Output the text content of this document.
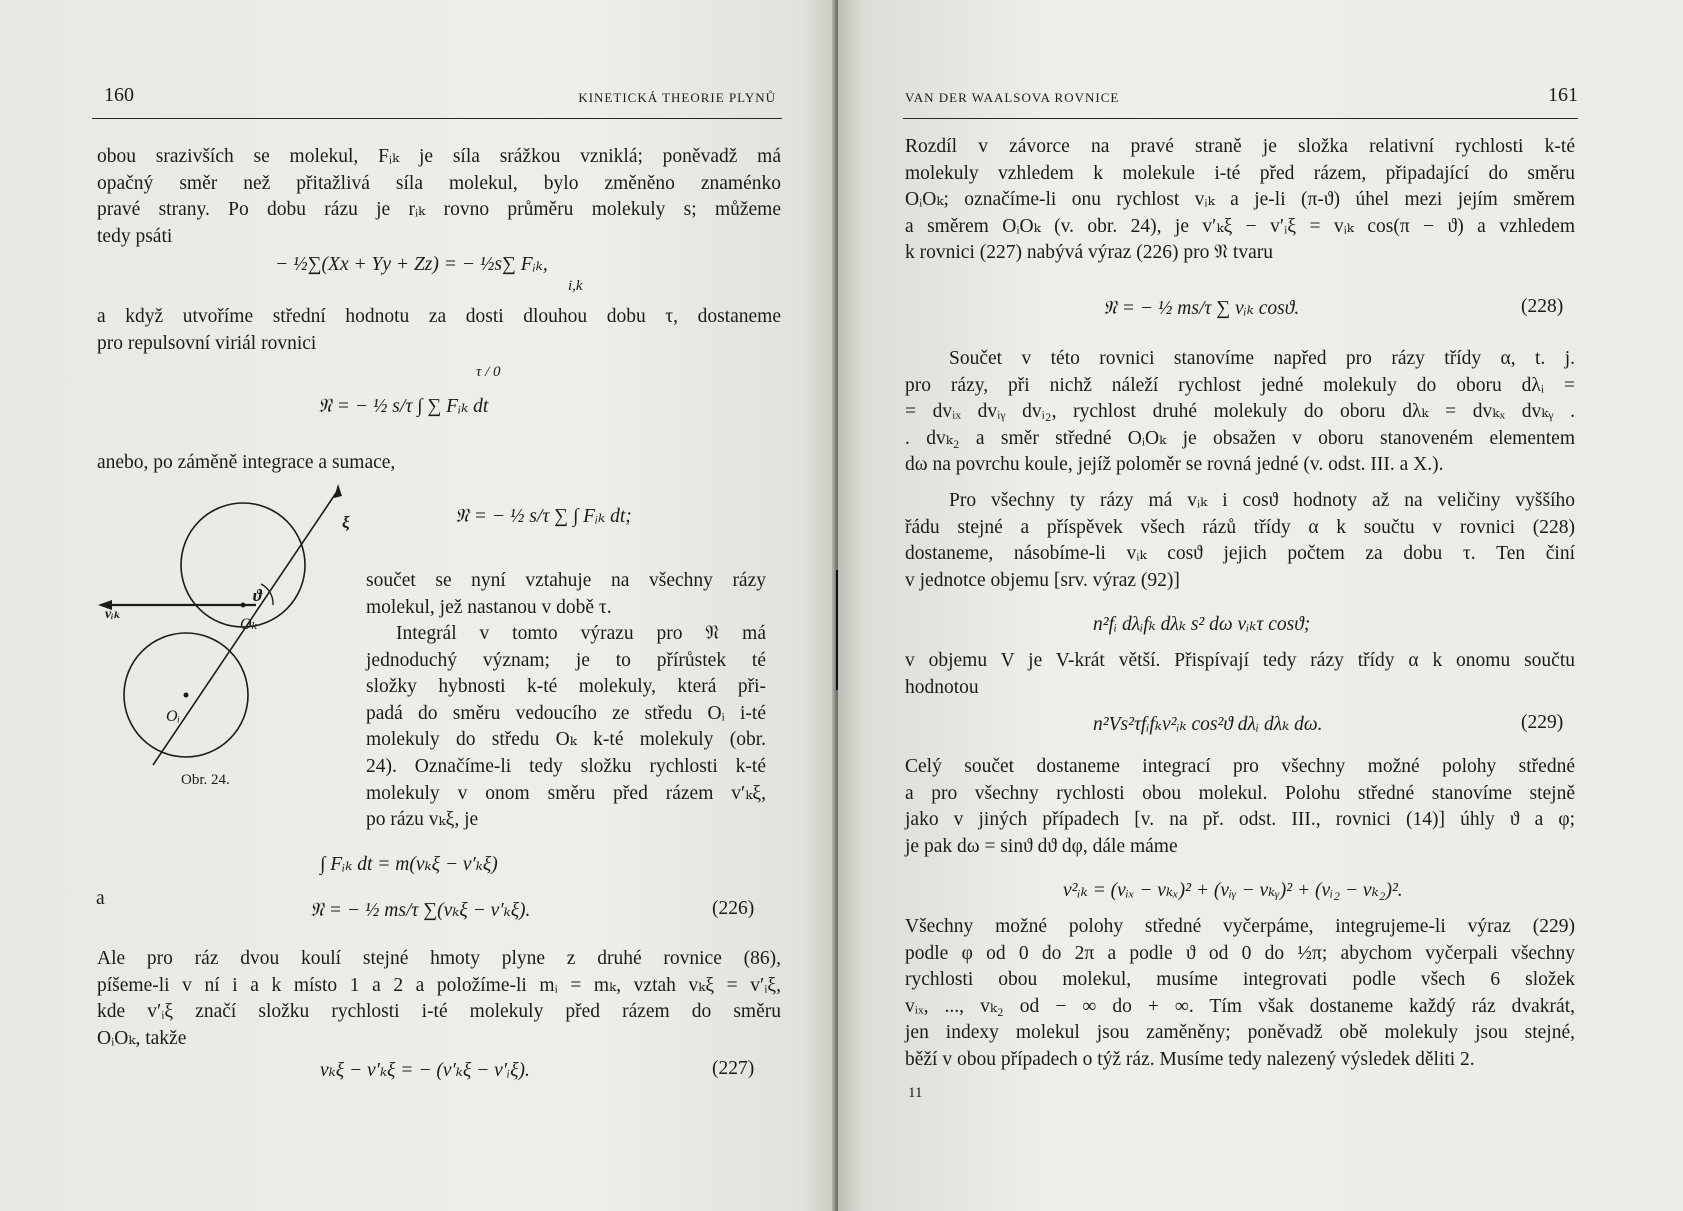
160	KINETICKÁ THEORIE PLYNŮ
obou srazivších se molekul, Fᵢₖ je síla srážkou vzniklá; poněvadž má
opačný směr než přitažlivá síla molekul, bylo změněno znaménko
pravé strany. Po dobu rázu je rᵢₖ rovno průměru molekuly s; můžeme
tedy psáti
− ½∑(Xx + Yy + Zz) = − ½s∑ Fᵢₖ,
i,k
a když utvoříme střední hodnotu za dosti dlouhou dobu τ, dostaneme
pro repulsovní viriál rovnici
τ / 0
𝔑 = − ½ s/τ ∫ ∑ Fᵢₖ dt
anebo, po záměně integrace a sumace,
𝔑 = − ½ s/τ ∑ ∫ Fᵢₖ dt;
vᵢₖ
Oₖ
Oᵢ
ϑ
ξ
Obr. 24.
součet se nyní vztahuje na všechny rázy
molekul, jež nastanou v době τ.
Integrál v tomto výrazu pro 𝔑 má
jednoduchý význam; je to přírůstek té
složky hybnosti k-té molekuly, která při-
padá do směru vedoucího ze středu Oᵢ i-té
molekuly do středu Oₖ k-té molekuly (obr.
24). Označíme-li tedy složku rychlosti k-té
molekuly v onom směru před rázem v′ₖξ,
po rázu vₖξ, je
∫ Fᵢₖ dt = m(vₖξ − v′ₖξ)
a
𝔑 = − ½ ms/τ ∑(vₖξ − v′ₖξ).	(226)
Ale pro ráz dvou koulí stejné hmoty plyne z druhé rovnice (86),
píšeme-li v ní i a k místo 1 a 2 a položíme-li mᵢ = mₖ, vztah vₖξ = v′ᵢξ,
kde v′ᵢξ značí složku rychlosti i-té molekuly před rázem do směru
OᵢOₖ, takže
vₖξ − v′ₖξ = − (v′ₖξ − v′ᵢξ).	(227)
VAN DER WAALSOVA ROVNICE	161
Rozdíl v závorce na pravé straně je složka relativní rychlosti k-té
molekuly vzhledem k molekule i-té před rázem, připadající do směru
OᵢOₖ; označíme-li onu rychlost vᵢₖ a je-li (π-ϑ) úhel mezi jejím směrem
a směrem OᵢOₖ (v. obr. 24), je v′ₖξ − v′ᵢξ = vᵢₖ cos(π − ϑ) a vzhledem
k rovnici (227) nabývá výraz (226) pro 𝔑 tvaru
𝔑 = − ½ ms/τ ∑ vᵢₖ cosϑ.	(228)
Součet v této rovnici stanovíme napřed pro rázy třídy α, t. j.
pro rázy, při nichž náleží rychlost jedné molekuly do oboru dλᵢ =
= dvᵢₓ dvᵢᵧ dvᵢ₂, rychlost druhé molekuly do oboru dλₖ = dvₖₓ dvₖᵧ .
. dvₖ₂ a směr středné OᵢOₖ je obsažen v oboru stanoveném elementem
dω na povrchu koule, jejíž poloměr se rovná jedné (v. odst. III. a X.).
Pro všechny ty rázy má vᵢₖ i cosϑ hodnoty až na veličiny vyššího
řádu stejné a příspěvek všech rázů třídy α k součtu v rovnici (228)
dostaneme, násobíme-li vᵢₖ cosϑ jejich počtem za dobu τ. Ten činí
v jednotce objemu [srv. výraz (92)]
n²fᵢ dλᵢfₖ dλₖ s² dω vᵢₖτ cosϑ;
v objemu V je V-krát větší. Přispívají tedy rázy třídy α k onomu součtu
hodnotou
n²Vs²τfᵢfₖv²ᵢₖ cos²ϑ dλᵢ dλₖ dω.	(229)
Celý součet dostaneme integrací pro všechny možné polohy středné
a pro všechny rychlosti obou molekul. Polohu středné stanovíme stejně
jako v jiných případech [v. na př. odst. III., rovnici (14)] úhly ϑ a φ;
je pak dω = sinϑ dϑ dφ, dále máme
v²ᵢₖ = (vᵢₓ − vₖₓ)² + (vᵢᵧ − vₖᵧ)² + (vᵢ₂ − vₖ₂)².
Všechny možné polohy středné vyčerpáme, integrujeme-li výraz (229)
podle φ od 0 do 2π a podle ϑ od 0 do ½π; abychom vyčerpali všechny
rychlosti obou molekul, musíme integrovati podle všech 6 složek
vᵢₓ, ..., vₖ₂ od − ∞ do + ∞. Tím však dostaneme každý ráz dvakrát,
jen indexy molekul jsou zaměněny; poněvadž obě molekuly jsou stejné,
běží v obou případech o týž ráz. Musíme tedy nalezený výsledek děliti 2.
11
